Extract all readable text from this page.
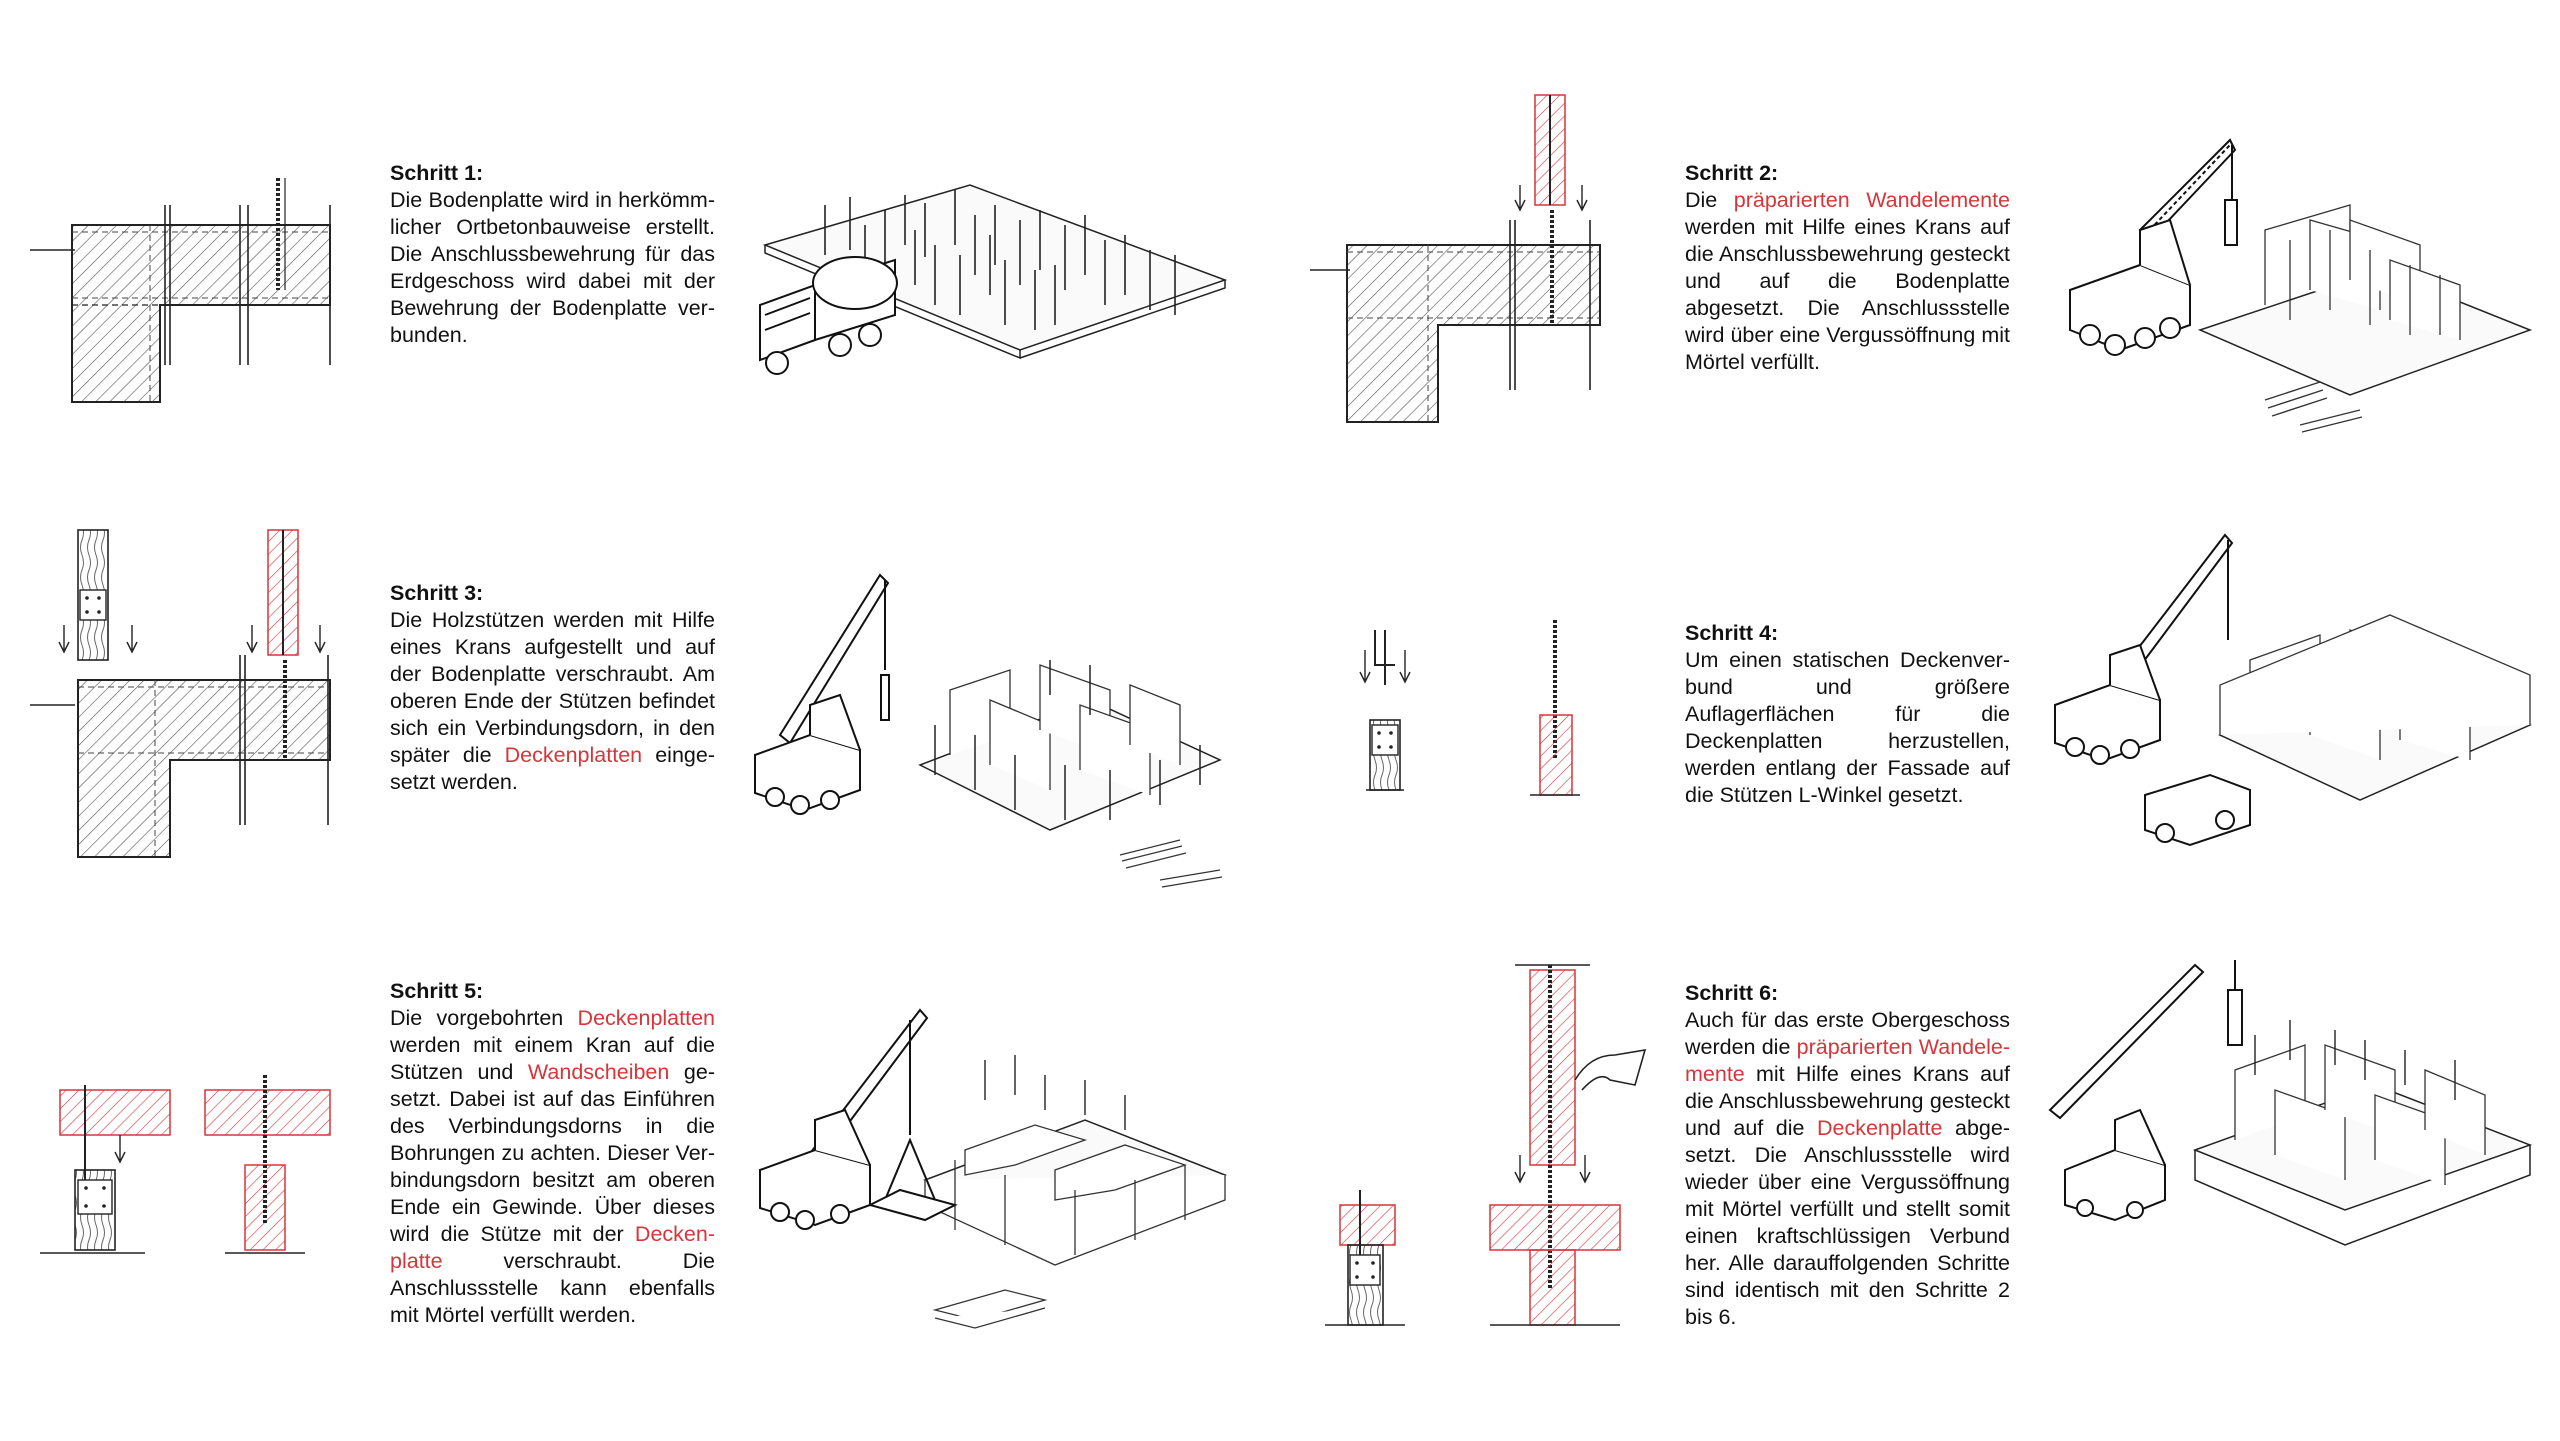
Schritt 1:
Die Bodenplatte wird in herkömmlicher Ortbetonbauweise erstellt. Die Anschlussbewehrung für das Erdgeschoss wird dabei mit der Bewehrung der Bodenplatte verbunden.
Schritt 2:
Die präparierten Wandelemente werden mit Hilfe eines Krans auf die Anschlussbewehrung gesteckt und auf die Bodenplatte abgesetzt. Die Anschlussstelle wird über eine Vergussöffnung mit Mörtel verfüllt.
Schritt 3:
Die Holzstützen werden mit Hilfe eines Krans aufgestellt und auf der Bodenplatte verschraubt. Am oberen Ende der Stützen befindet sich ein Verbindungsdorn, in den später die Deckenplatten eingesetzt werden.
Schritt 4:
Um einen statischen Deckenverbund und größere Auflagerflächen für die Deckenplatten herzustellen, werden entlang der Fassade auf die Stützen L-Winkel gesetzt.
Schritt 5:
Die vorgebohrten Deckenplatten werden mit einem Kran auf die Stützen und Wandscheiben gesetzt. Dabei ist auf das Einführen des Verbindungsdorns in die Bohrungen zu achten. Dieser Verbindungsdorn besitzt am oberen Ende ein Gewinde. Über dieses wird die Stütze mit der Deckenplatte verschraubt. Die Anschlussstelle kann ebenfalls mit Mörtel verfüllt werden.
Schritt 6:
Auch für das erste Obergeschoss werden die präparierten Wandelemente mit Hilfe eines Krans auf die Anschlussbewehrung gesteckt und auf die Deckenplatte abgesetzt. Die Anschlussstelle wird wieder über eine Vergussöffnung mit Mörtel verfüllt und stellt somit einen kraftschlüssigen Verbund her. Alle darauffolgenden Schritte sind identisch mit den Schritte 2 bis 6.
